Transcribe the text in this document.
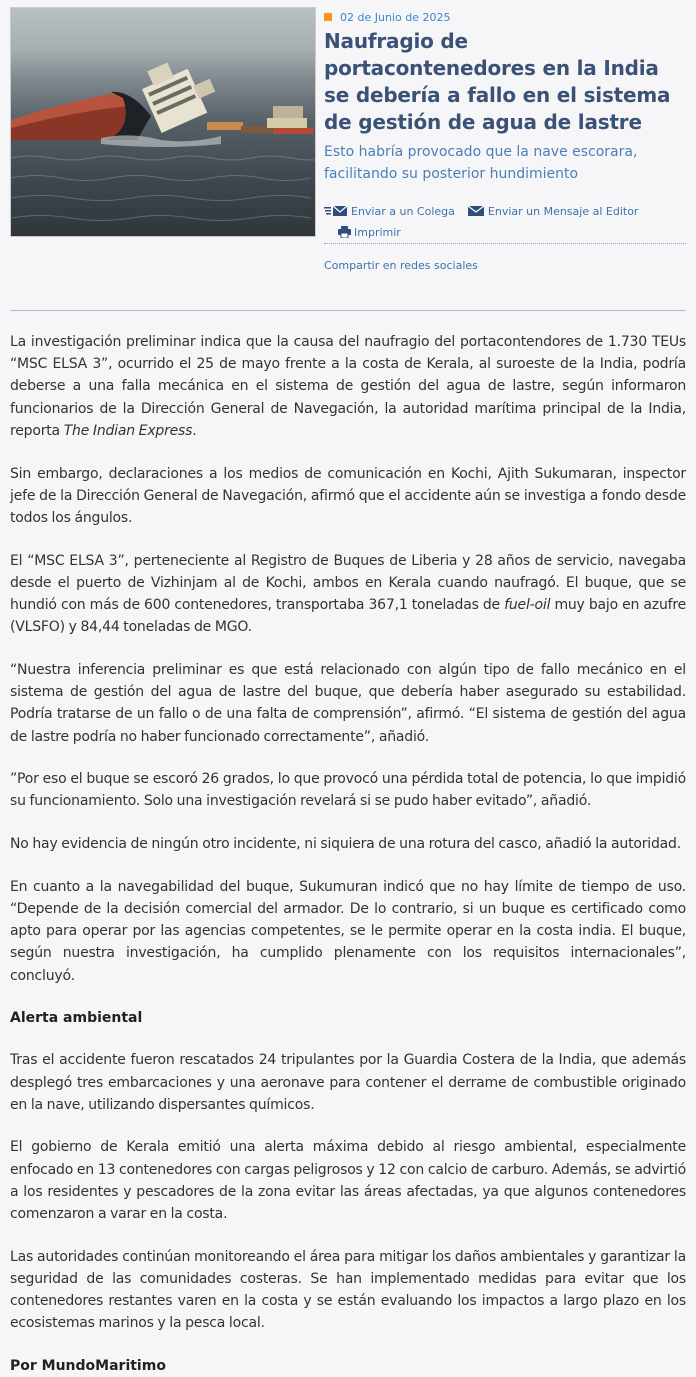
02 de Junio de 2025
Naufragio de portacontenedores en la India se debería a fallo en el sistema de gestión de agua de lastre

Esto habría provocado que la nave escorara, facilitando su posterior hundimiento

Enviar a un Colega	Enviar un Mensaje al Editor
Imprimir
Compartir en redes sociales

La investigación preliminar indica que la causa del naufragio del portacontendores de 1.730 TEUs “MSC ELSA 3”, ocurrido el 25 de mayo frente a la costa de Kerala, al suroeste de la India, podría deberse a una falla mecánica en el sistema de gestión del agua de lastre, según informaron funcionarios de la Dirección General de Navegación, la autoridad marítima principal de la India, reporta The Indian Express.

Sin embargo, declaraciones a los medios de comunicación en Kochi, Ajith Sukumaran, inspector jefe de la Dirección General de Navegación, afirmó que el accidente aún se investiga a fondo desde todos los ángulos.

El “MSC ELSA 3”, perteneciente al Registro de Buques de Liberia y 28 años de servicio, navegaba desde el puerto de Vizhinjam al de Kochi, ambos en Kerala cuando naufragó. El buque, que se hundió con más de 600 contenedores, transportaba 367,1 toneladas de fuel-oil muy bajo en azufre (VLSFO) y 84,44 toneladas de MGO.

“Nuestra inferencia preliminar es que está relacionado con algún tipo de fallo mecánico en el sistema de gestión del agua de lastre del buque, que debería haber asegurado su estabilidad. Podría tratarse de un fallo o de una falta de comprensión”, afirmó. “El sistema de gestión del agua de lastre podría no haber funcionado correctamente”, añadió.

”Por eso el buque se escoró 26 grados, lo que provocó una pérdida total de potencia, lo que impidió su funcionamiento. Solo una investigación revelará si se pudo haber evitado”, añadió.

No hay evidencia de ningún otro incidente, ni siquiera de una rotura del casco, añadió la autoridad.

En cuanto a la navegabilidad del buque, Sukumuran indicó que no hay límite de tiempo de uso. “Depende de la decisión comercial del armador. De lo contrario, si un buque es certificado como apto para operar por las agencias competentes, se le permite operar en la costa india. El buque, según nuestra investigación, ha cumplido plenamente con los requisitos internacionales”, concluyó.

Alerta ambiental

Tras el accidente fueron rescatados 24 tripulantes por la Guardia Costera de la India, que además desplegó tres embarcaciones y una aeronave para contener el derrame de combustible originado en la nave, utilizando dispersantes químicos.

El gobierno de Kerala emitió una alerta máxima debido al riesgo ambiental, especialmente enfocado en 13 contenedores con cargas peligrosos y 12 con calcio de carburo. Además, se advirtió a los residentes y pescadores de la zona evitar las áreas afectadas, ya que algunos contenedores comenzaron a varar en la costa.

Las autoridades continúan monitoreando el área para mitigar los daños ambientales y garantizar la seguridad de las comunidades costeras. Se han implementado medidas para evitar que los contenedores restantes varen en la costa y se están evaluando los impactos a largo plazo en los ecosistemas marinos y la pesca local.

Por MundoMaritimo
